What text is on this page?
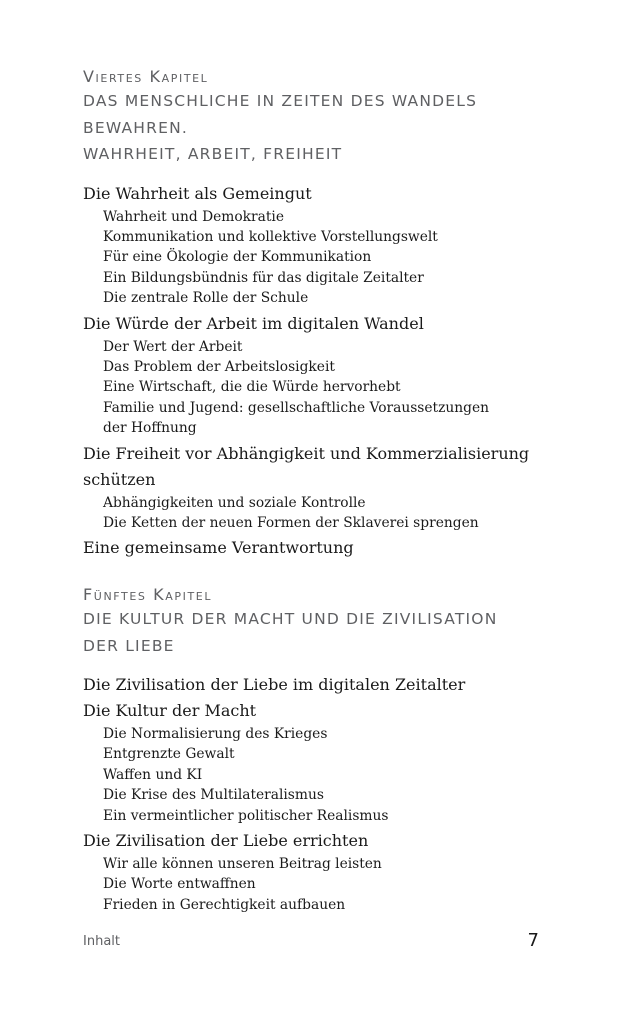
Viertes Kapitel

DAS MENSCHLICHE IN ZEITEN DES WANDELS

BEWAHREN.

WAHRHEIT, ARBEIT, FREIHEIT

Die Wahrheit als Gemeingut

Wahrheit und Demokratie

Kommunikation und kollektive Vorstellungswelt

Für eine Ökologie der Kommunikation

Ein Bildungsbündnis für das digitale Zeitalter

Die zentrale Rolle der Schule

Die Würde der Arbeit im digitalen Wandel

Der Wert der Arbeit

Das Problem der Arbeitslosigkeit

Eine Wirtschaft, die die Würde hervorhebt

Familie und Jugend: gesellschaftliche Voraussetzungen

der Hoffnung

Die Freiheit vor Abhängigkeit und Kommerzialisierung

schützen

Abhängigkeiten und soziale Kontrolle

Die Ketten der neuen Formen der Sklaverei sprengen

Eine gemeinsame Verantwortung

Fünftes Kapitel

DIE KULTUR DER MACHT UND DIE ZIVILISATION

DER LIEBE

Die Zivilisation der Liebe im digitalen Zeitalter

Die Kultur der Macht

Die Normalisierung des Krieges

Entgrenzte Gewalt

Waffen und KI

Die Krise des Multilateralismus

Ein vermeintlicher politischer Realismus

Die Zivilisation der Liebe errichten

Wir alle können unseren Beitrag leisten

Die Worte entwaffnen

Frieden in Gerechtigkeit aufbauen

Inhalt	7
